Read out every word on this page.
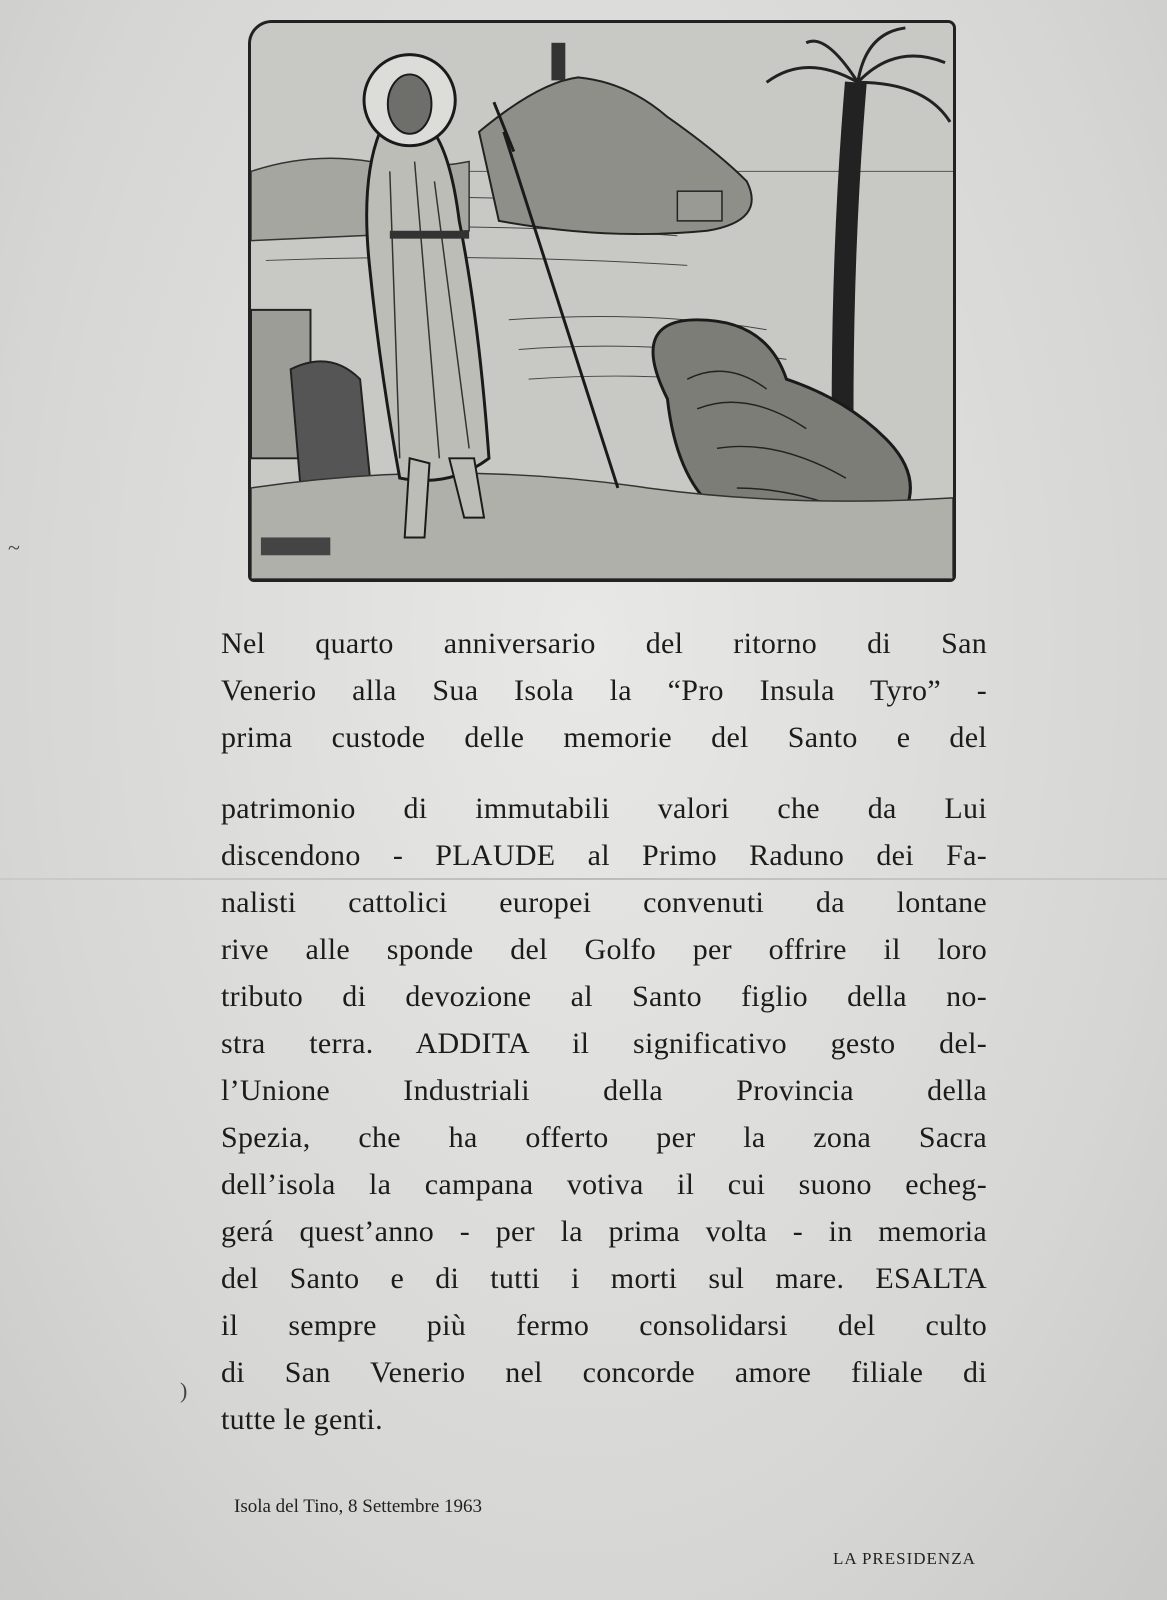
~
)
Nel quarto anniversario del ritorno di San
Venerio alla Sua Isola la “Pro Insula Tyro” -
prima custode delle memorie del Santo e del
patrimonio di immutabili valori che da Lui
discendono - PLAUDE al Primo Raduno dei Fa-
nalisti cattolici europei convenuti da lontane
rive alle sponde del Golfo per offrire il loro
tributo di devozione al Santo figlio della no-
stra terra. ADDITA il significativo gesto del-
l’Unione Industriali della Provincia della
Spezia, che ha offerto per la zona Sacra
dell’isola la campana votiva il cui suono echeg-
gerá quest’anno - per la prima volta - in memoria
del Santo e di tutti i morti sul mare. ESALTA
il sempre più fermo consolidarsi del culto
di San Venerio nel concorde amore filiale di
tutte le genti.
Isola del Tino, 8 Settembre 1963
LA PRESIDENZA
